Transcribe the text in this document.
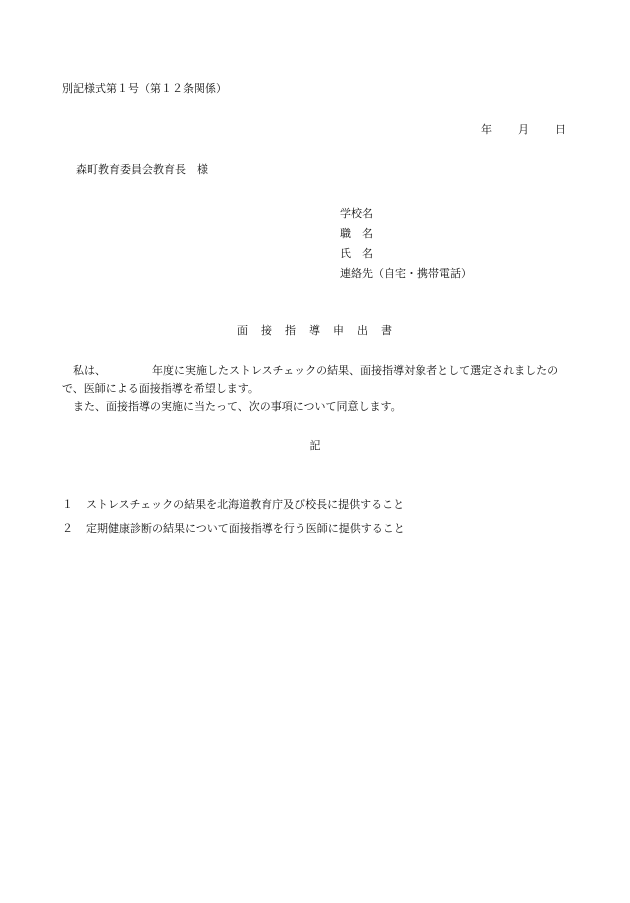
別記様式第１号（第１２条関係）
年 月 日
森町教育委員会教育長　様
学校名
職　名
氏　名
連絡先（自宅・携帯電話）
面　接　指　導　申　出　書

私は、	年度に実施したストレスチェックの結果、面接指導対象者として選定されましたので、医師による面接指導を希望します。

また、面接指導の実施に当たって、次の事項について同意します。

記
１	ストレスチェックの結果を北海道教育庁及び校長に提供すること
２	定期健康診断の結果について面接指導を行う医師に提供すること
